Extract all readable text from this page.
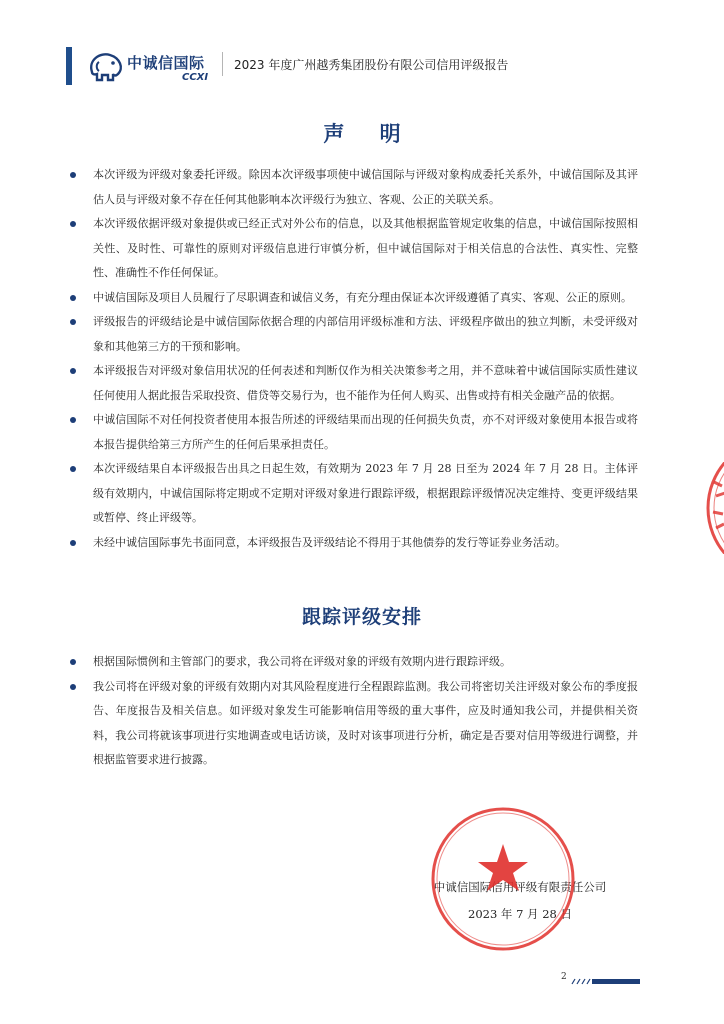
中诚信国际
CCXI
2023 年度广州越秀集团股份有限公司信用评级报告
声 明
本次评级为评级对象委托评级。除因本次评级事项使中诚信国际与评级对象构成委托关系外，中诚信国际及其评估人员与评级对象不存在任何其他影响本次评级行为独立、客观、公正的关联关系。
本次评级依据评级对象提供或已经正式对外公布的信息，以及其他根据监管规定收集的信息，中诚信国际按照相关性、及时性、可靠性的原则对评级信息进行审慎分析，但中诚信国际对于相关信息的合法性、真实性、完整性、准确性不作任何保证。
中诚信国际及项目人员履行了尽职调查和诚信义务，有充分理由保证本次评级遵循了真实、客观、公正的原则。
评级报告的评级结论是中诚信国际依据合理的内部信用评级标准和方法、评级程序做出的独立判断，未受评级对象和其他第三方的干预和影响。
本评级报告对评级对象信用状况的任何表述和判断仅作为相关决策参考之用，并不意味着中诚信国际实质性建议任何使用人据此报告采取投资、借贷等交易行为，也不能作为任何人购买、出售或持有相关金融产品的依据。
中诚信国际不对任何投资者使用本报告所述的评级结果而出现的任何损失负责，亦不对评级对象使用本报告或将本报告提供给第三方所产生的任何后果承担责任。
本次评级结果自本评级报告出具之日起生效，有效期为 2023 年 7 月 28 日至为 2024 年 7 月 28 日。主体评级有效期内，中诚信国际将定期或不定期对评级对象进行跟踪评级，根据跟踪评级情况决定维持、变更评级结果或暂停、终止评级等。
未经中诚信国际事先书面同意，本评级报告及评级结论不得用于其他债券的发行等证券业务活动。
跟踪评级安排
根据国际惯例和主管部门的要求，我公司将在评级对象的评级有效期内进行跟踪评级。
我公司将在评级对象的评级有效期内对其风险程度进行全程跟踪监测。我公司将密切关注评级对象公布的季度报告、年度报告及相关信息。如评级对象发生可能影响信用等级的重大事件，应及时通知我公司，并提供相关资料，我公司将就该事项进行实地调查或电话访谈，及时对该事项进行分析，确定是否要对信用等级进行调整，并根据监管要求进行披露。
中诚信国际信用评级有限责任公司
2023 年 7 月 28 日
2
